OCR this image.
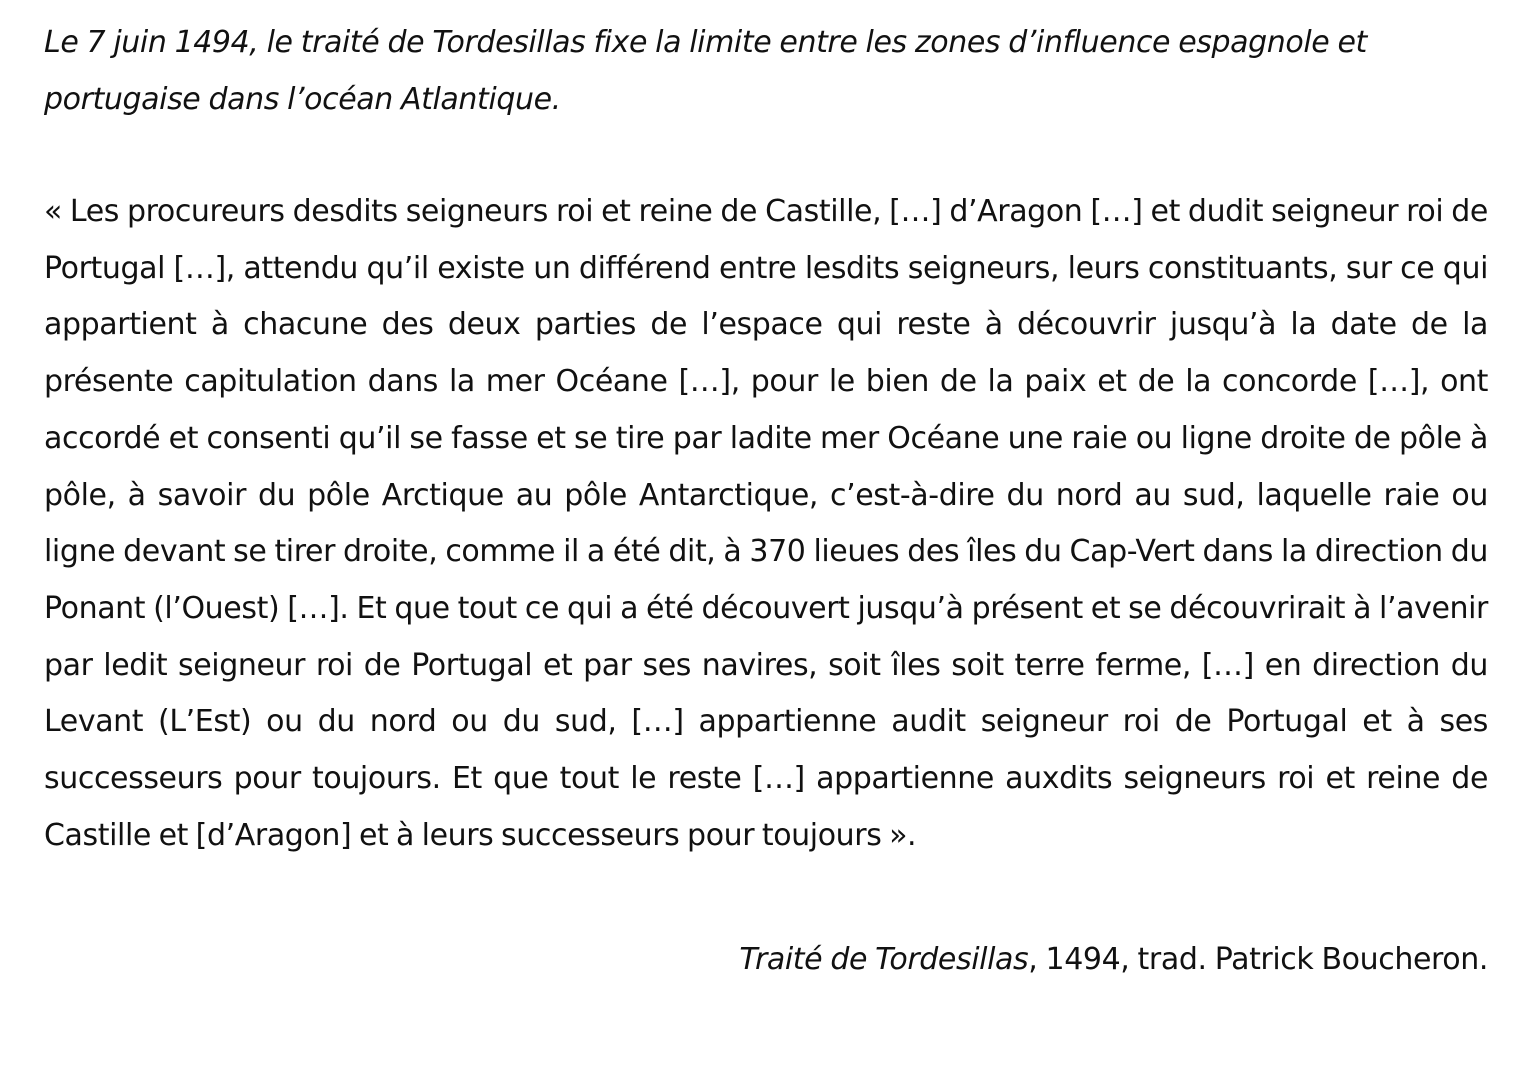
Le 7 juin 1494, le traité de Tordesillas fixe la limite entre les zones d’influence espagnole et portugaise dans l’océan Atlantique.

« Les procureurs desdits seigneurs roi et reine de Castille, […] d’Aragon […] et dudit seigneur roi de Portugal […], attendu qu’il existe un différend entre lesdits seigneurs, leurs constituants, sur ce qui appartient à chacune des deux parties de l’espace qui reste à découvrir jusqu’à la date de la présente capitulation dans la mer Océane […], pour le bien de la paix et de la concorde […], ont accordé et consenti qu’il se fasse et se tire par ladite mer Océane une raie ou ligne droite de pôle à pôle, à savoir du pôle Arctique au pôle Antarctique, c’est-à-dire du nord au sud, laquelle raie ou ligne devant se tirer droite, comme il a été dit, à 370 lieues des îles du Cap-Vert dans la direction du Ponant (l’Ouest) […]. Et que tout ce qui a été découvert jusqu’à présent et se découvrirait à l’avenir par ledit seigneur roi de Portugal et par ses navires, soit îles soit terre ferme, […] en direction du Levant (L’Est) ou du nord ou du sud, […] appartienne audit seigneur roi de Portugal et à ses successeurs pour toujours. Et que tout le reste […] appartienne auxdits seigneurs roi et reine de Castille et [d’Aragon] et à leurs successeurs pour toujours ».

Traité de Tordesillas, 1494, trad. Patrick Boucheron.
